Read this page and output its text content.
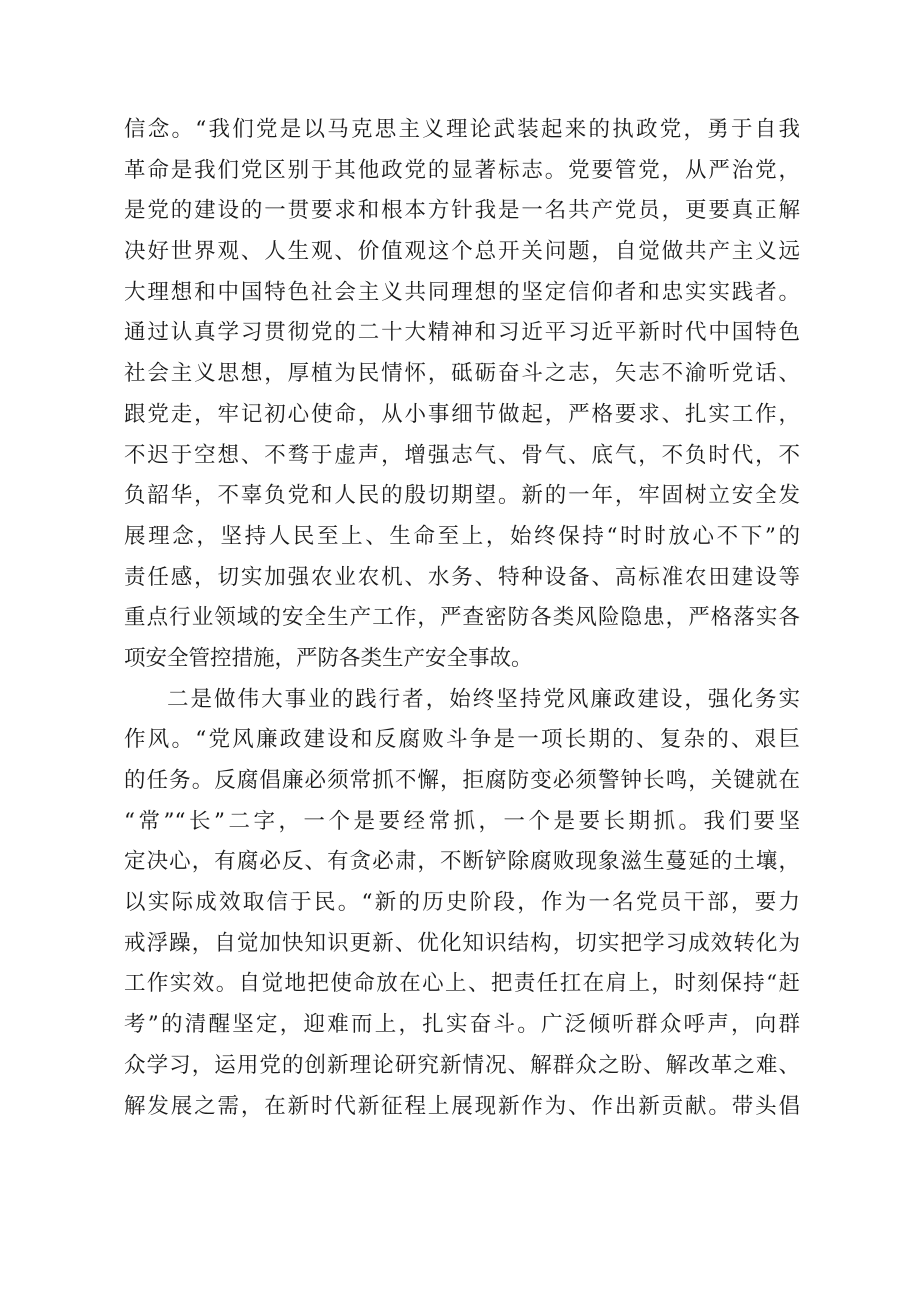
信念。“我们党是以马克思主义理论武装起来的执政党，勇于自我
革命是我们党区别于其他政党的显著标志。党要管党，从严治党，
是党的建设的一贯要求和根本方针我是一名共产党员，更要真正解
决好世界观、人生观、价值观这个总开关问题，自觉做共产主义远
大理想和中国特色社会主义共同理想的坚定信仰者和忠实实践者。
通过认真学习贯彻党的二十大精神和习近平习近平新时代中国特色
社会主义思想，厚植为民情怀，砥砺奋斗之志，矢志不渝听党话、
跟党走，牢记初心使命，从小事细节做起，严格要求、扎实工作，
不迟于空想、不骛于虚声，增强志气、骨气、底气，不负时代，不
负韶华，不辜负党和人民的殷切期望。新的一年，牢固树立安全发
展理念，坚持人民至上、生命至上，始终保持“时时放心不下”的
责任感，切实加强农业农机、水务、特种设备、高标准农田建设等
重点行业领域的安全生产工作，严查密防各类风险隐患，严格落实各
项安全管控措施，严防各类生产安全事故。
二是做伟大事业的践行者，始终坚持党风廉政建设，强化务实
作风。“党风廉政建设和反腐败斗争是一项长期的、复杂的、艰巨
的任务。反腐倡廉必须常抓不懈，拒腐防变必须警钟长鸣，关键就在
“常”“长”二字，一个是要经常抓，一个是要长期抓。我们要坚
定决心，有腐必反、有贪必肃，不断铲除腐败现象滋生蔓延的土壤，
以实际成效取信于民。“新的历史阶段，作为一名党员干部，要力
戒浮躁，自觉加快知识更新、优化知识结构，切实把学习成效转化为
工作实效。自觉地把使命放在心上、把责任扛在肩上，时刻保持“赶
考”的清醒坚定，迎难而上，扎实奋斗。广泛倾听群众呼声，向群
众学习，运用党的创新理论研究新情况、解群众之盼、解改革之难、
解发展之需，在新时代新征程上展现新作为、作出新贡献。带头倡
